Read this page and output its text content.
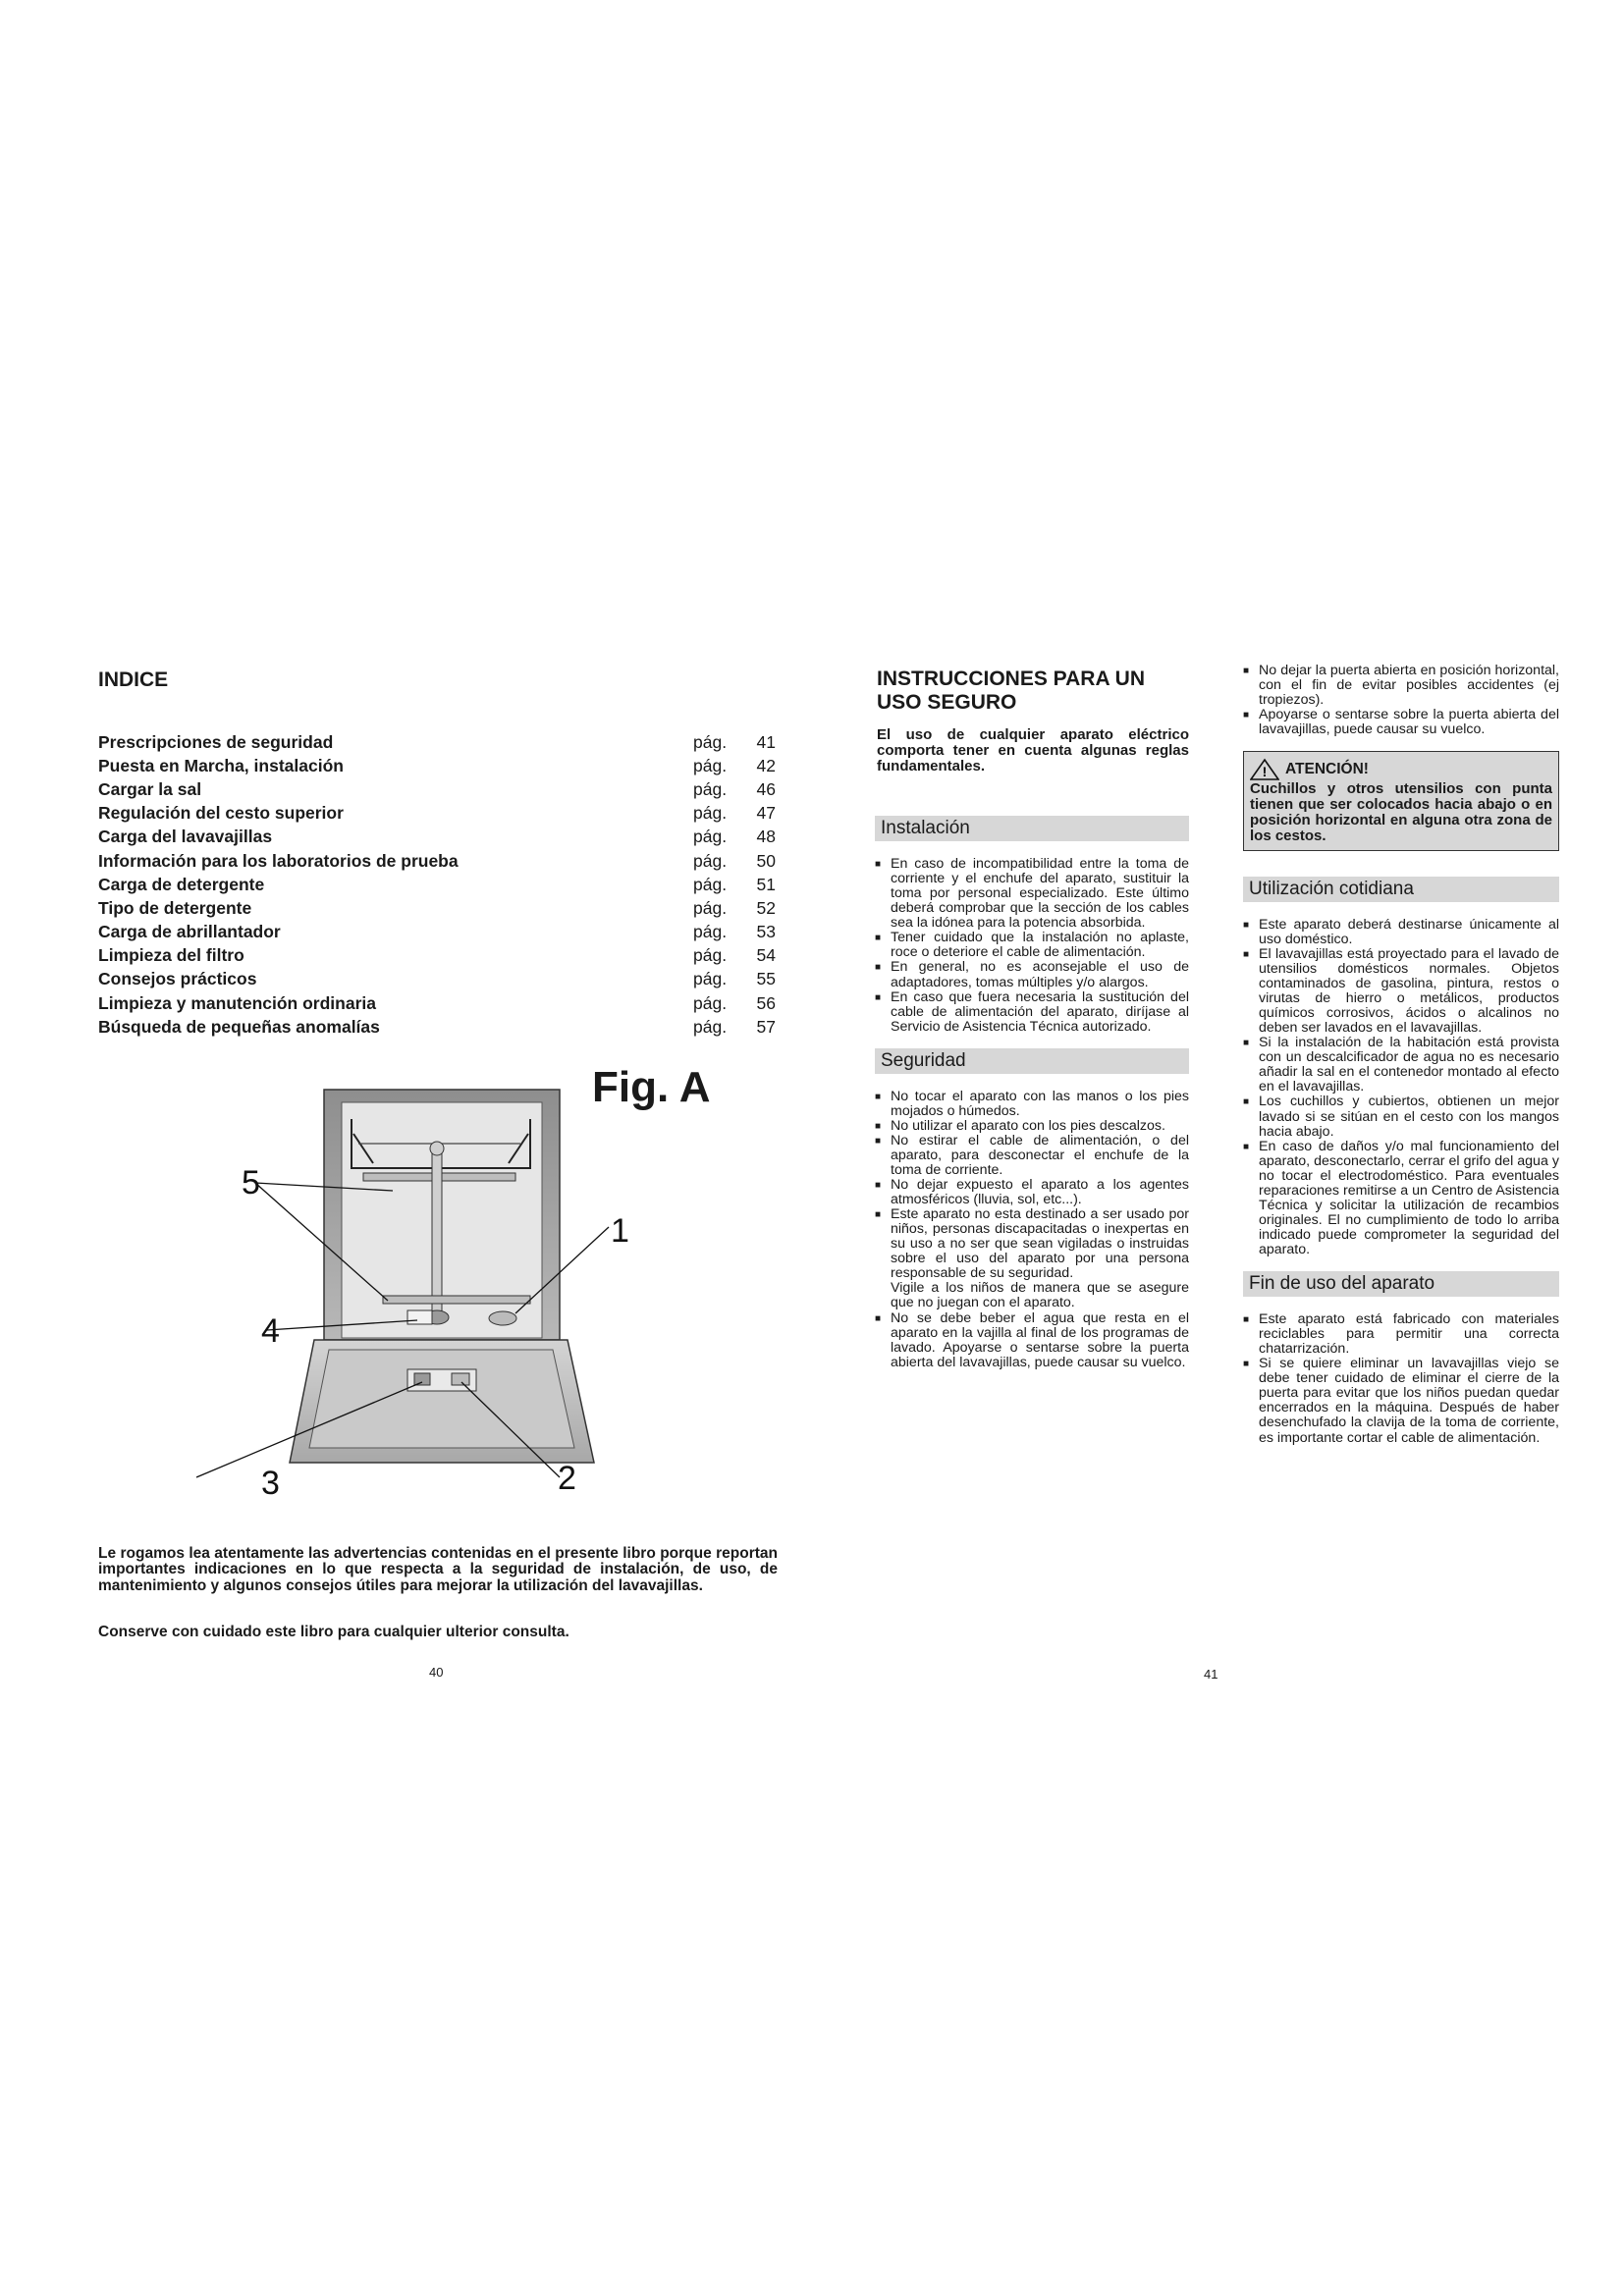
INDICE
Prescripciones de seguridad	pág.	41
Puesta en Marcha, instalación	pág.	42
Cargar la sal	pág.	46
Regulación del cesto superior	pág.	47
Carga del lavavajillas	pág.	48
Información para los laboratorios de prueba	pág.	50
Carga de detergente	pág.	51
Tipo de detergente	pág.	52
Carga de abrillantador	pág.	53
Limpieza del filtro	pág.	54
Consejos prácticos	pág.	55
Limpieza y manutención ordinaria	pág.	56
Búsqueda de pequeñas anomalías	pág.	57
Fig. A
5
1
4
3	2

Le rogamos lea atentamente las advertencias contenidas en el presente libro porque reportan importantes indicaciones en lo que respecta a la seguridad de instalación, de uso, de mantenimiento y algunos consejos útiles para mejorar la utilización del lavavajillas.

Conserve con cuidado este libro para cualquier ulterior consulta.

40
INSTRUCCIONES PARA UN USO SEGURO

El uso de cualquier aparato eléctrico comporta tener en cuenta algunas reglas fundamentales.

Instalación

■ En caso de incompatibilidad entre la toma de corriente y el enchufe del aparato, sustituir la toma por personal especializado. Este último deberá comprobar que la sección de los cables sea la idónea para la potencia absorbida.

■ Tener cuidado que la instalación no aplaste, roce o deteriore el cable de alimentación.

■ En general, no es aconsejable el uso de adaptadores, tomas múltiples y/o alargos.

■ En caso que fuera necesaria la sustitución del cable de alimentación del aparato, diríjase al Servicio de Asistencia Técnica autorizado.

Seguridad

■ No tocar el aparato con las manos o los pies mojados o húmedos.

■ No utilizar el aparato con los pies descalzos.

■ No estirar el cable de alimentación, o del aparato, para desconectar el enchufe de la toma de corriente.

■ No dejar expuesto el aparato a los agentes atmosféricos (lluvia, sol, etc...).

■ Este aparato no esta destinado a ser usado por niños, personas discapacitadas o inexpertas en su uso a no ser que sean vigiladas o instruidas sobre el uso del aparato por una persona responsable de su seguridad.

Vigile a los niños de manera que se asegure que no juegan con el aparato.

■ No se debe beber el agua que resta en el aparato en la vajilla al final de los programas de lavado. Apoyarse o sentarse sobre la puerta abierta del lavavajillas, puede causar su vuelco.

■ No dejar la puerta abierta en posición horizontal, con el fin de evitar posibles accidentes (ej tropiezos).

■ Apoyarse o sentarse sobre la puerta abierta del lavavajillas, puede causar su vuelco.

! ATENCIÓN!
Cuchillos y otros utensilios con punta tienen que ser colocados hacia abajo o en posición horizontal en alguna otra zona de los cestos.
Utilización cotidiana

■ Este aparato deberá destinarse únicamente al uso doméstico.

■ El lavavajillas está proyectado para el lavado de utensilios domésticos normales. Objetos contaminados de gasolina, pintura, restos o virutas de hierro o metálicos, productos químicos corrosivos, ácidos o alcalinos no deben ser lavados en el lavavajillas.

■ Si la instalación de la habitación está provista con un descalcificador de agua no es necesario añadir la sal en el contenedor montado al efecto en el lavavajillas.

■ Los cuchillos y cubiertos, obtienen un mejor lavado si se sitúan en el cesto con los mangos hacia abajo.

■ En caso de daños y/o mal funcionamiento del aparato, desconectarlo, cerrar el grifo del agua y no tocar el electrodoméstico. Para eventuales reparaciones remitirse a un Centro de Asistencia Técnica y solicitar la utilización de recambios originales. El no cumplimiento de todo lo arriba indicado puede comprometer la seguridad del aparato.

Fin de uso del aparato

■ Este aparato está fabricado con materiales reciclables para permitir una correcta chatarrización.

■ Si se quiere eliminar un lavavajillas viejo se debe tener cuidado de eliminar el cierre de la puerta para evitar que los niños puedan quedar encerrados en la máquina. Después de haber desenchufado la clavija de la toma de corriente, es importante cortar el cable de alimentación.

41
